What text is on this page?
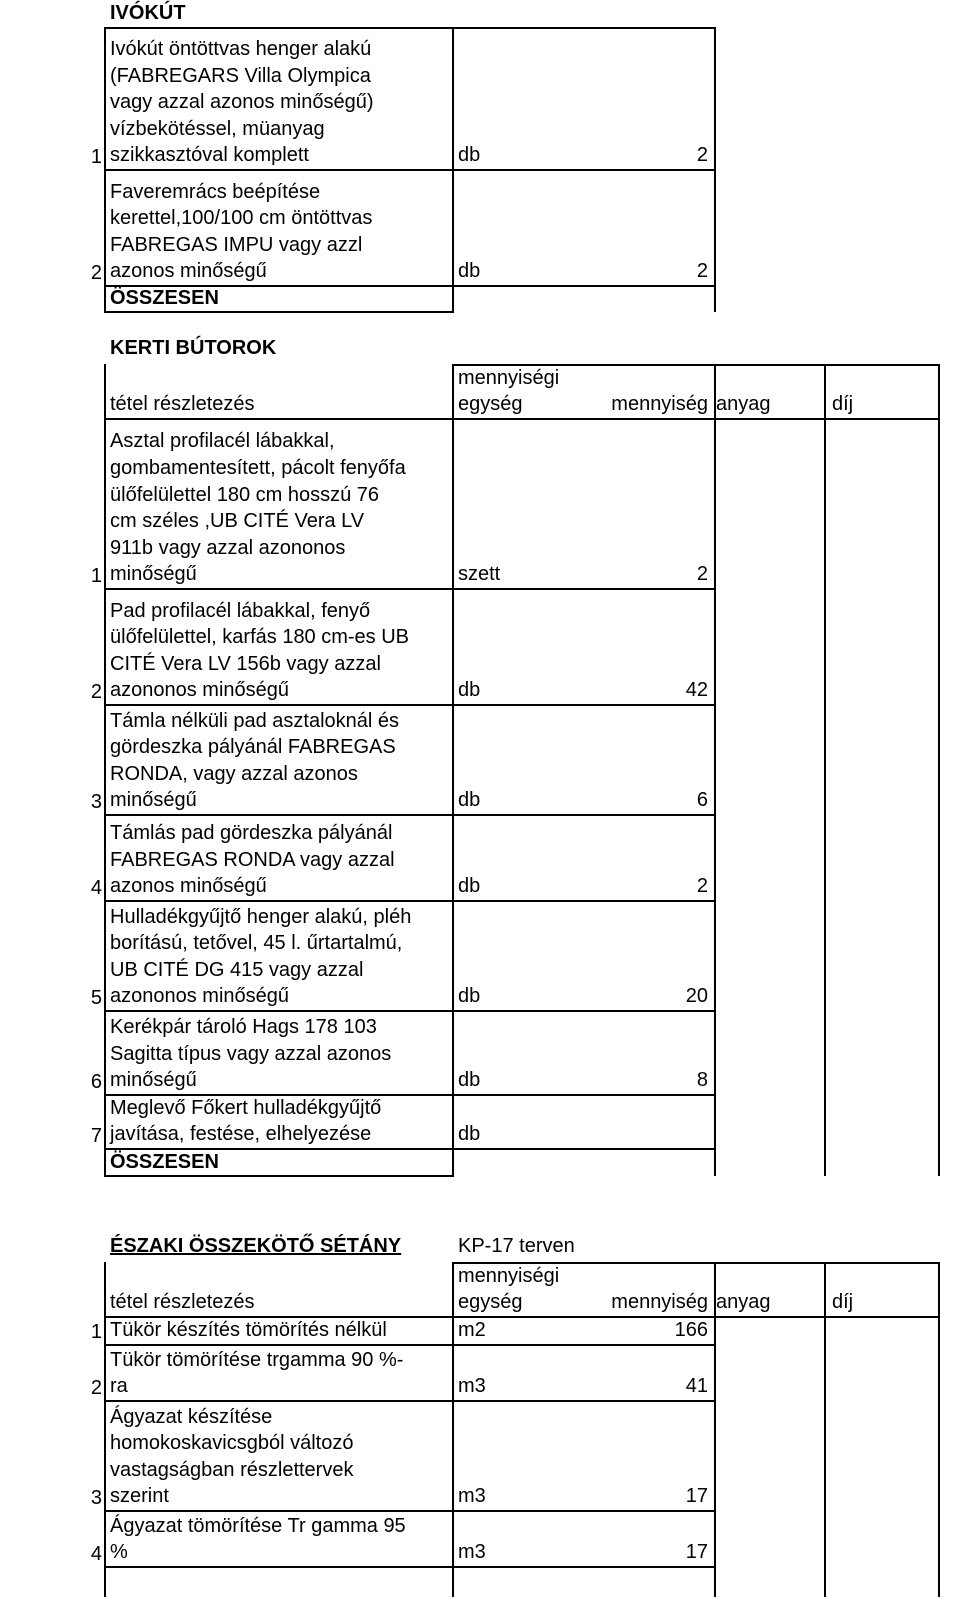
IVÓKÚT
1
Ivókút öntöttvas henger alakú
(FABREGARS Villa Olympica
vagy azzal azonos minőségű)
vízbekötéssel, müanyag
szikkasztóval komplett	db	2
2
Faveremrács beépítése
kerettel,100/100 cm öntöttvas
FABREGAS IMPU vagy azzl
azonos minőségű	db	2
ÖSSZESEN
KERTI BÚTOROK
tétel részletezés
mennyiségi
egység	mennyiség anyag	díj
1
Asztal profilacél lábakkal,
gombamentesített, pácolt fenyőfa
ülőfelülettel 180 cm hosszú 76
cm széles ,UB CITÉ Vera LV
911b vagy azzal azononos
minőségű	szett	2
2
Pad profilacél lábakkal, fenyő
ülőfelülettel, karfás 180 cm-es UB
CITÉ Vera LV 156b vagy azzal
azononos minőségű	db	42
3
Támla nélküli pad asztaloknál és
gördeszka pályánál FABREGAS
RONDA, vagy azzal azonos
minőségű	db	6
4
Támlás pad gördeszka pályánál
FABREGAS RONDA vagy azzal
azonos minőségű	db	2
5
Hulladékgyűjtő henger alakú, pléh
borítású, tetővel, 45 l. űrtartalmú,
UB CITÉ DG 415 vagy azzal
azononos minőségű	db	20
6
Kerékpár tároló Hags 178 103
Sagitta típus vagy azzal azonos
minőségű	db	8
7
Meglevő Főkert hulladékgyűjtő
javítása, festése, elhelyezése	db
ÖSSZESEN
ÉSZAKI ÖSSZEKÖTŐ SÉTÁNY	KP-17 terven
tétel részletezés
mennyiségi
egység	mennyiség anyag	díj
1 Tükör készítés tömörítés nélkül	m2	166
2
Tükör tömörítése trgamma 90 %-
ra	m3	41
3
Ágyazat készítése
homokoskavicsgból változó
vastagságban részlettervek
szerint	m3	17
4
Ágyazat tömörítése Tr gamma 95
%	m3	17
